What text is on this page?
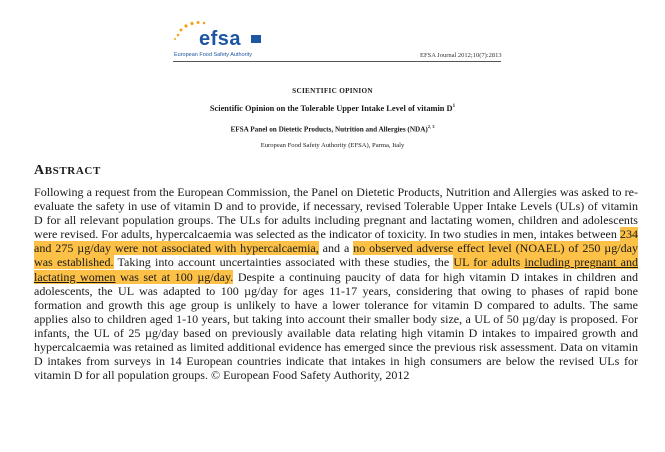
efsa
European Food Safety Authority	EFSA Journal 2012;10(7):2813
SCIENTIFIC OPINION
Scientific Opinion on the Tolerable Upper Intake Level of vitamin $D^1$
EFSA Panel on Dietetic Products, Nutrition and Allergies (NDA)$^{2, 3}$
European Food Safety Authority (EFSA), Parma, Italy
ABSTRACT
Following a request from the European Commission, the Panel on Dietetic Products, Nutrition and Allergies was asked to re-evaluate the safety in use of vitamin D and to provide, if necessary, revised Tolerable Upper Intake Levels (ULs) of vitamin D for all relevant population groups. The ULs for adults including pregnant and lactating women, children and adolescents were revised. For adults, hypercalcaemia was selected as the indicator of toxicity. In two studies in men, intakes between 234 and 275 µg/day were not associated with hypercalcaemia, and a no observed adverse effect level (NOAEL) of 250 µg/day was established. Taking into account uncertainties associated with these studies, the UL for adults including pregnant and lactating women was set at 100 µg/day. Despite a continuing paucity of data for high vitamin D intakes in children and adolescents, the UL was adapted to 100 µg/day for ages 11-17 years, considering that owing to phases of rapid bone formation and growth this age group is unlikely to have a lower tolerance for vitamin D compared to adults. The same applies also to children aged 1-10 years, but taking into account their smaller body size, a UL of 50 µg/day is proposed. For infants, the UL of 25 µg/day based on previously available data relating high vitamin D intakes to impaired growth and hypercalcaemia was retained as limited additional evidence has emerged since the previous risk assessment. Data on vitamin D intakes from surveys in 14 European countries indicate that intakes in high consumers are below the revised ULs for vitamin D for all population groups. © European Food Safety Authority, 2012
